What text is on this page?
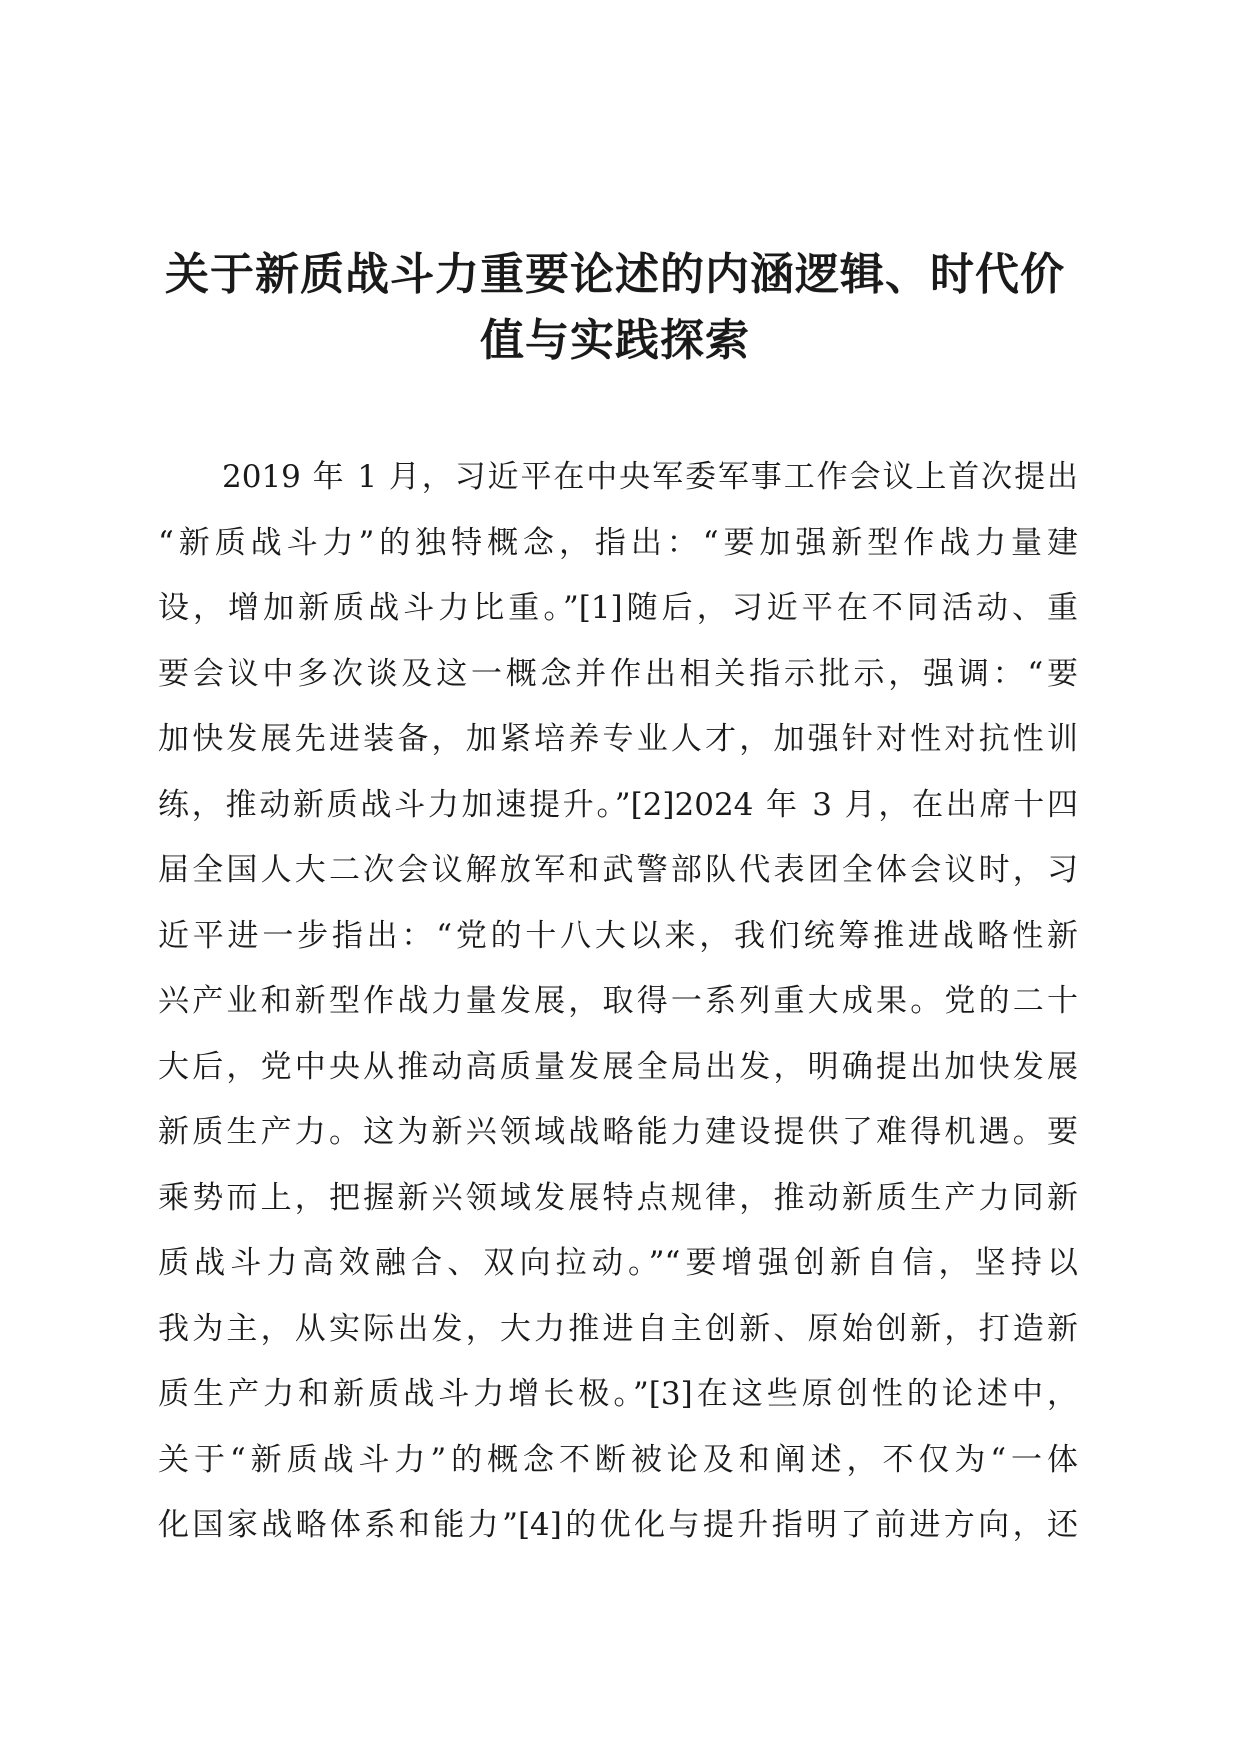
关于新质战斗力重要论述的内涵逻辑、时代价
值与实践探索
2019 年 1 月，习近平在中央军委军事工作会议上首次提出
“新质战斗力”的独特概念，指出：“要加强新型作战力量建
设，增加新质战斗力比重。”[1]随后，习近平在不同活动、重
要会议中多次谈及这一概念并作出相关指示批示，强调：“要
加快发展先进装备，加紧培养专业人才，加强针对性对抗性训
练，推动新质战斗力加速提升。”[2]2024 年 3 月，在出席十四
届全国人大二次会议解放军和武警部队代表团全体会议时，习
近平进一步指出：“党的十八大以来，我们统筹推进战略性新
兴产业和新型作战力量发展，取得一系列重大成果。党的二十
大后，党中央从推动高质量发展全局出发，明确提出加快发展
新质生产力。这为新兴领域战略能力建设提供了难得机遇。要
乘势而上，把握新兴领域发展特点规律，推动新质生产力同新
质战斗力高效融合、双向拉动。”“要增强创新自信，坚持以
我为主，从实际出发，大力推进自主创新、原始创新，打造新
质生产力和新质战斗力增长极。”[3]在这些原创性的论述中，
关于“新质战斗力”的概念不断被论及和阐述，不仅为“一体
化国家战略体系和能力”[4]的优化与提升指明了前进方向，还
